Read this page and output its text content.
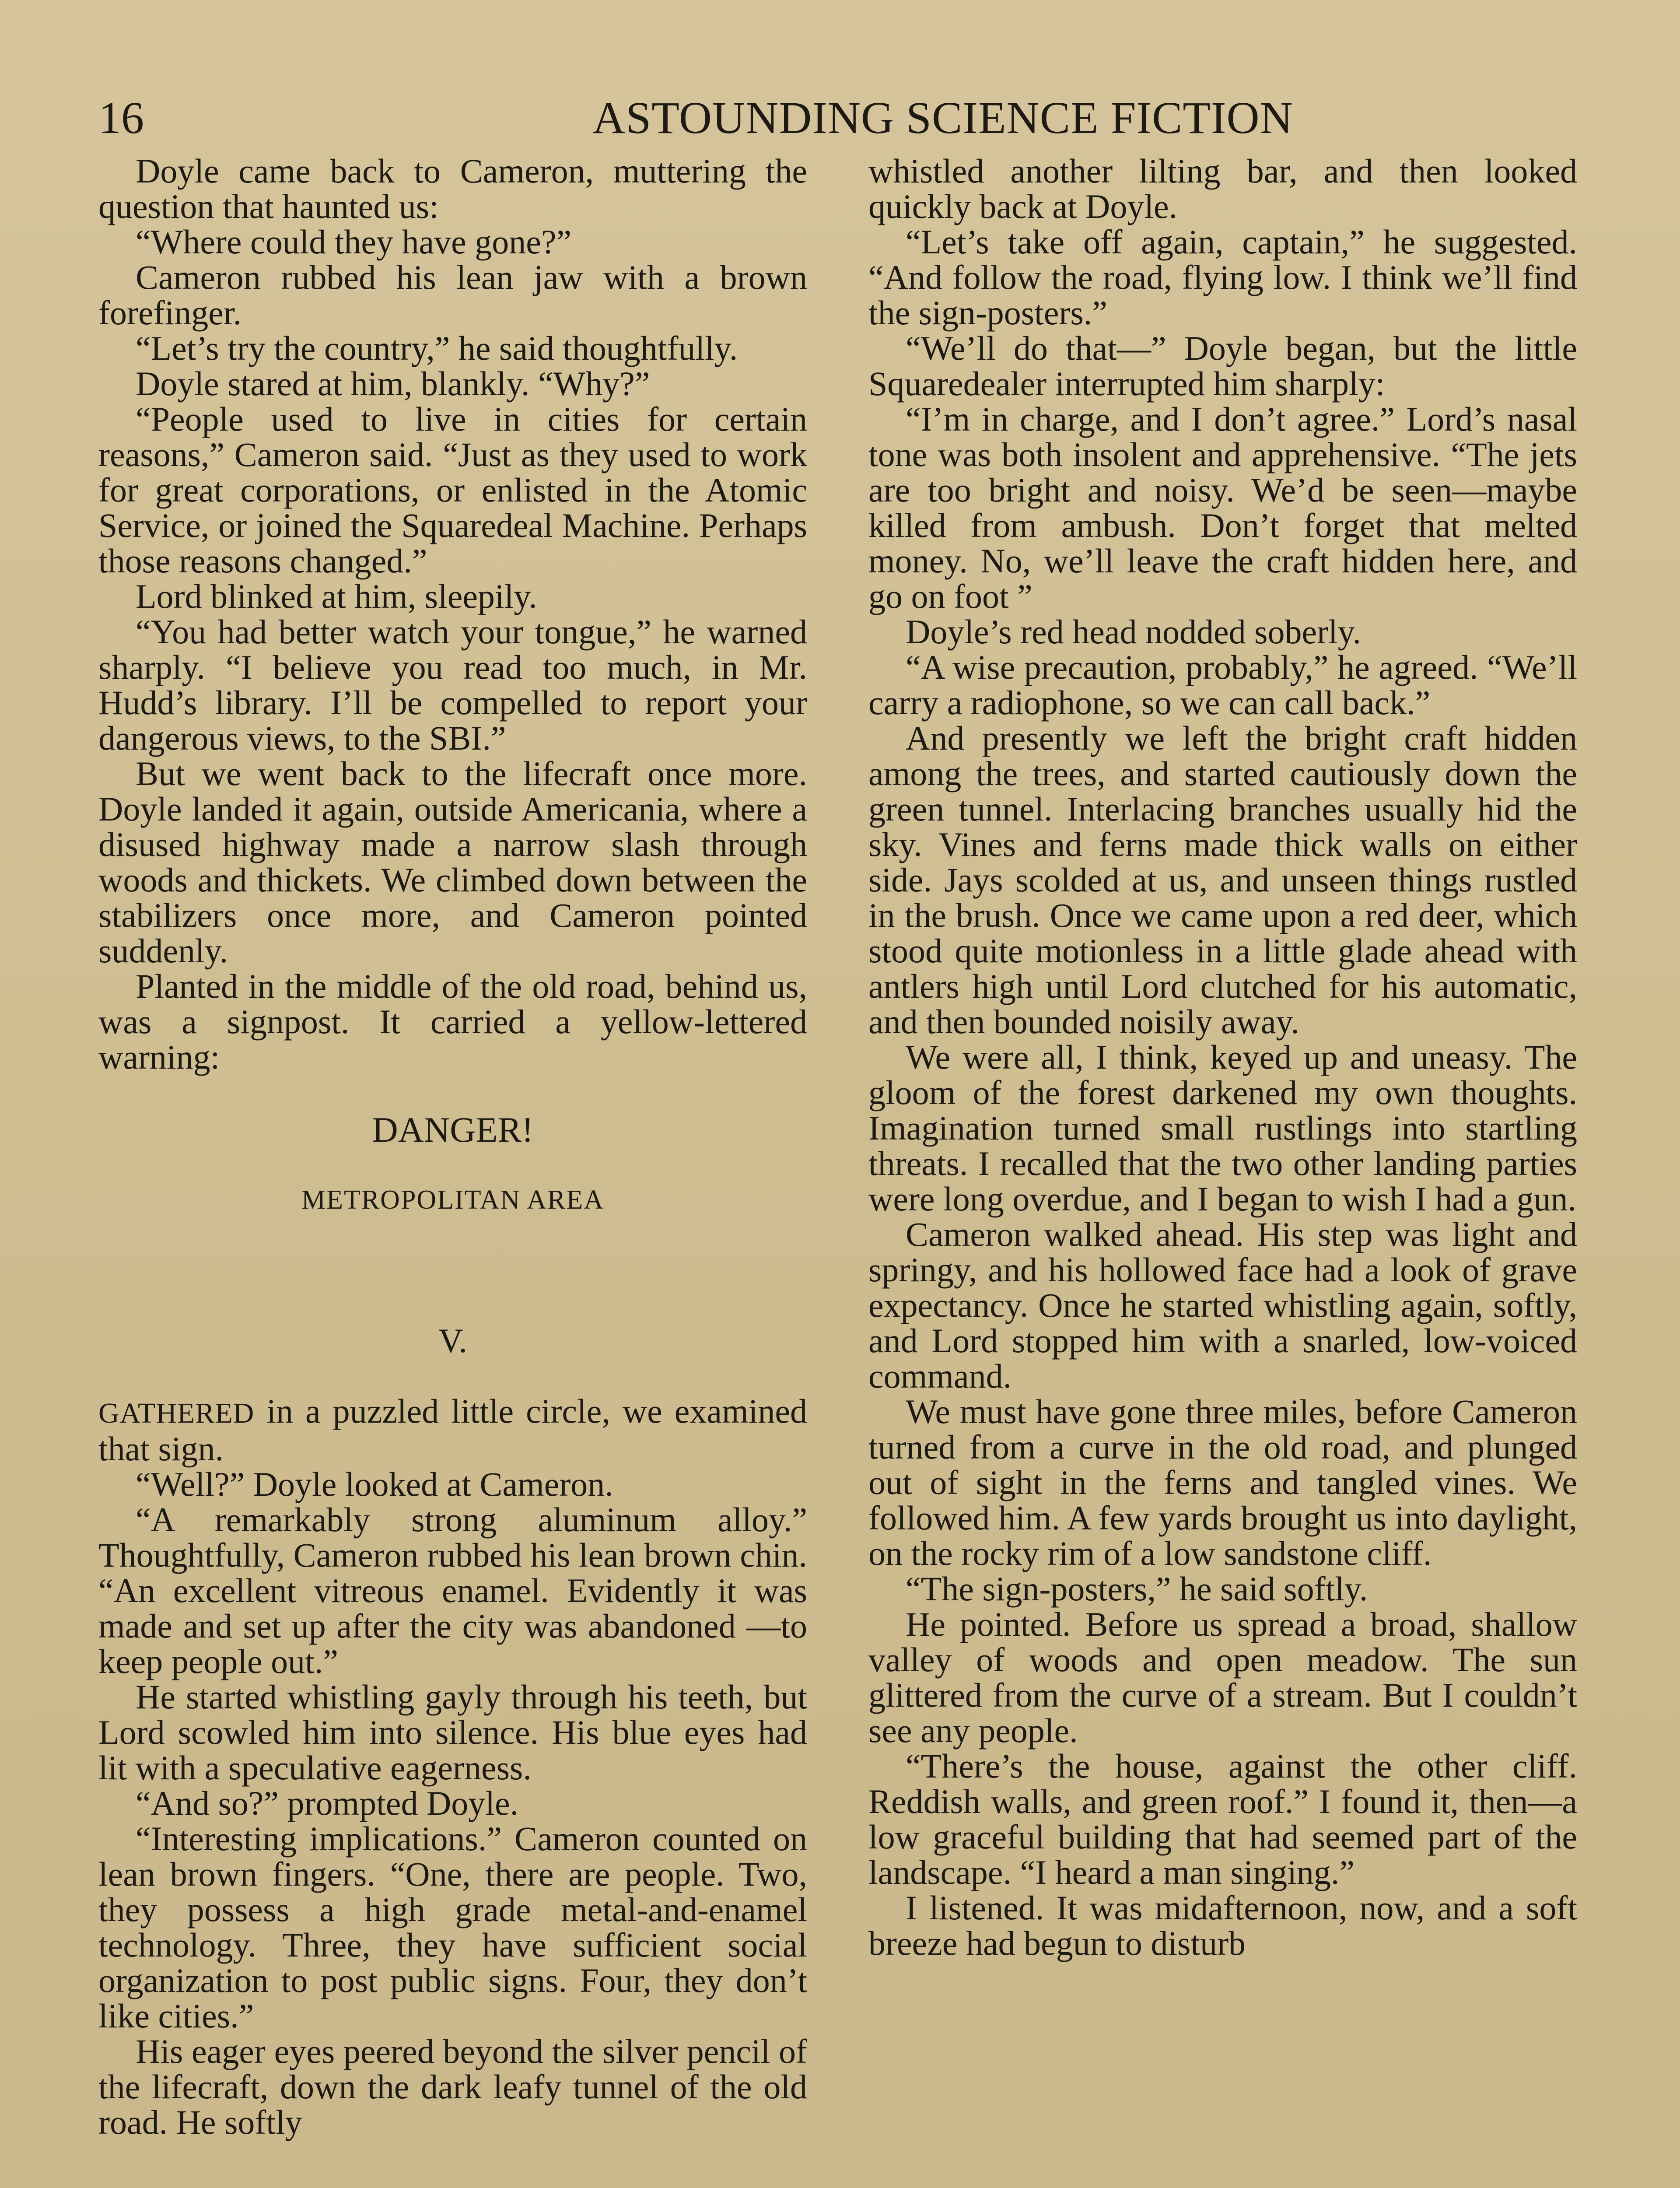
16	ASTOUNDING SCIENCE FICTION

Doyle came back to Cameron, muttering the question that haunted us:

“Where could they have gone?”

Cameron rubbed his lean jaw with a brown forefinger.

“Let’s try the country,” he said thoughtfully.

Doyle stared at him, blankly. “Why?”

“People used to live in cities for certain reasons,” Cameron said. “Just as they used to work for great corporations, or enlisted in the Atomic Service, or joined the Squaredeal Machine. Perhaps those reasons changed.”

Lord blinked at him, sleepily.

“You had better watch your tongue,” he warned sharply. “I believe you read too much, in Mr. Hudd’s library. I’ll be compelled to report your dangerous views, to the SBI.”

But we went back to the lifecraft once more. Doyle landed it again, outside Americania, where a disused highway made a narrow slash through woods and thickets. We climbed down between the stabilizers once more, and Cameron pointed suddenly.

Planted in the middle of the old road, behind us, was a signpost. It carried a yellow-lettered warning:

DANGER!

METROPOLITAN AREA

V.

GATHERED in a puzzled little circle, we examined that sign.

“Well?” Doyle looked at Cameron.

“A remarkably strong aluminum alloy.” Thoughtfully, Cameron rubbed his lean brown chin. “An excellent vitreous enamel. Evidently it was made and set up after the city was abandoned —to keep people out.”

He started whistling gayly through his teeth, but Lord scowled him into silence. His blue eyes had lit with a speculative eagerness.

“And so?” prompted Doyle.

“Interesting implications.” Cameron counted on lean brown fingers. “One, there are people. Two, they possess a high grade metal-and-enamel technology. Three, they have sufficient social organization to post public signs. Four, they don’t like cities.”

His eager eyes peered beyond the silver pencil of the lifecraft, down the dark leafy tunnel of the old road. He softly

whistled another lilting bar, and then looked quickly back at Doyle.

“Let’s take off again, captain,” he suggested. “And follow the road, flying low. I think we’ll find the sign-posters.”

“We’ll do that—” Doyle began, but the little Squaredealer interrupted him sharply:

“I’m in charge, and I don’t agree.” Lord’s nasal tone was both insolent and apprehensive. “The jets are too bright and noisy. We’d be seen—maybe killed from ambush. Don’t forget that melted money. No, we’ll leave the craft hidden here, and go on foot ”

Doyle’s red head nodded soberly.

“A wise precaution, probably,” he agreed. “We’ll carry a radiophone, so we can call back.”

And presently we left the bright craft hidden among the trees, and started cautiously down the green tunnel. Interlacing branches usually hid the sky. Vines and ferns made thick walls on either side. Jays scolded at us, and unseen things rustled in the brush. Once we came upon a red deer, which stood quite motionless in a little glade ahead with antlers high until Lord clutched for his automatic, and then bounded noisily away.

We were all, I think, keyed up and uneasy. The gloom of the forest darkened my own thoughts. Imagination turned small rustlings into startling threats. I recalled that the two other landing parties were long overdue, and I began to wish I had a gun.

Cameron walked ahead. His step was light and springy, and his hollowed face had a look of grave expectancy. Once he started whistling again, softly, and Lord stopped him with a snarled, low-voiced command.

We must have gone three miles, before Cameron turned from a curve in the old road, and plunged out of sight in the ferns and tangled vines. We followed him. A few yards brought us into daylight, on the rocky rim of a low sandstone cliff.

“The sign-posters,” he said softly.

He pointed. Before us spread a broad, shallow valley of woods and open meadow. The sun glittered from the curve of a stream. But I couldn’t see any people.

“There’s the house, against the other cliff. Reddish walls, and green roof.” I found it, then—a low graceful building that had seemed part of the landscape. “I heard a man singing.”

I listened. It was midafternoon, now, and a soft breeze had begun to disturb
